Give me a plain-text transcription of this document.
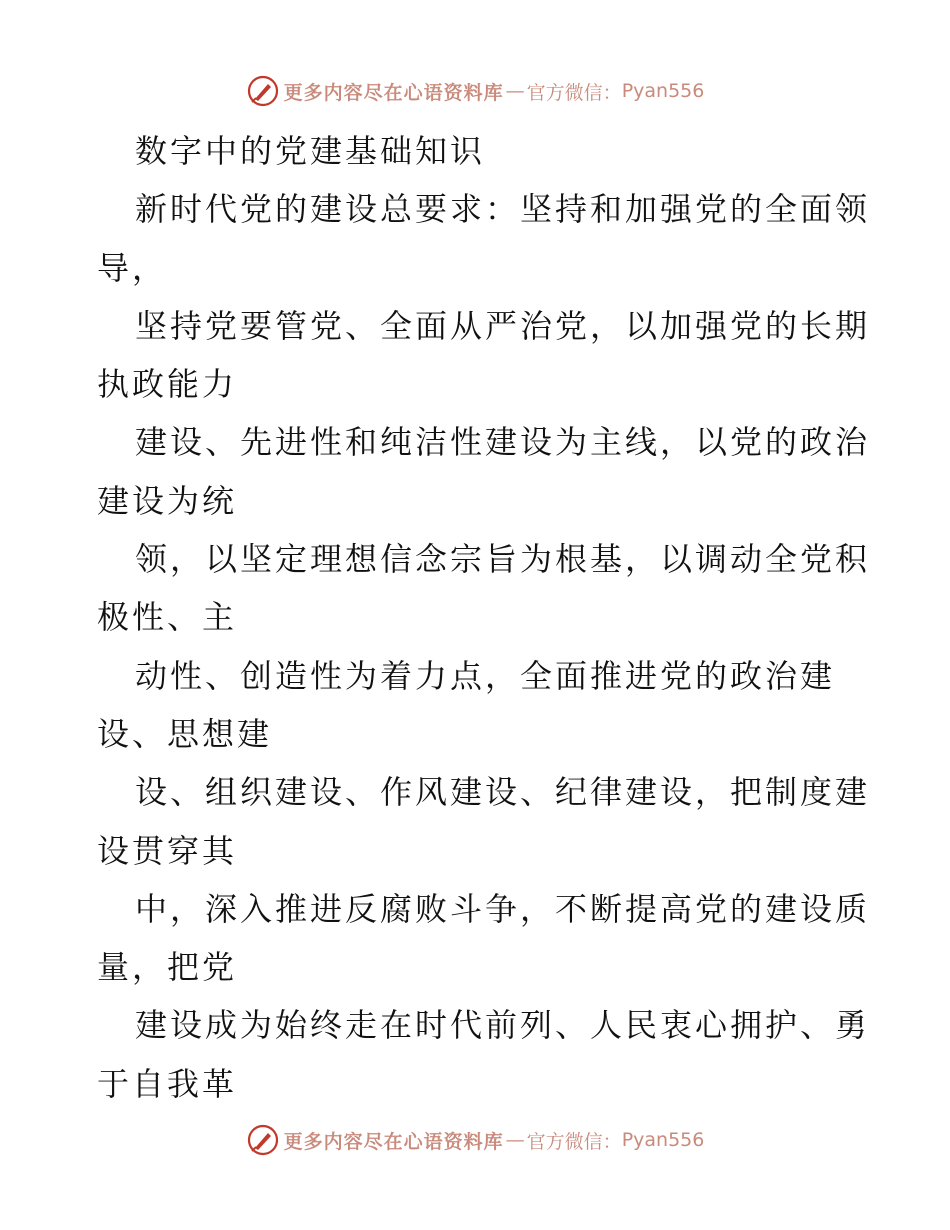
更多内容尽在心语资料库 — 官方微信： Pyan556
数字中的党建基础知识
新时代党的建设总要求：坚持和加强党的全面领
导，
坚持党要管党、全面从严治党，以加强党的长期
执政能力
建设、先进性和纯洁性建设为主线，以党的政治
建设为统
领，以坚定理想信念宗旨为根基，以调动全党积
极性、主
动性、创造性为着力点，全面推进党的政治建
设、思想建
设、组织建设、作风建设、纪律建设，把制度建
设贯穿其
中，深入推进反腐败斗争，不断提高党的建设质
量，把党
建设成为始终走在时代前列、人民衷心拥护、勇
于自我革
更多内容尽在心语资料库 — 官方微信： Pyan556
